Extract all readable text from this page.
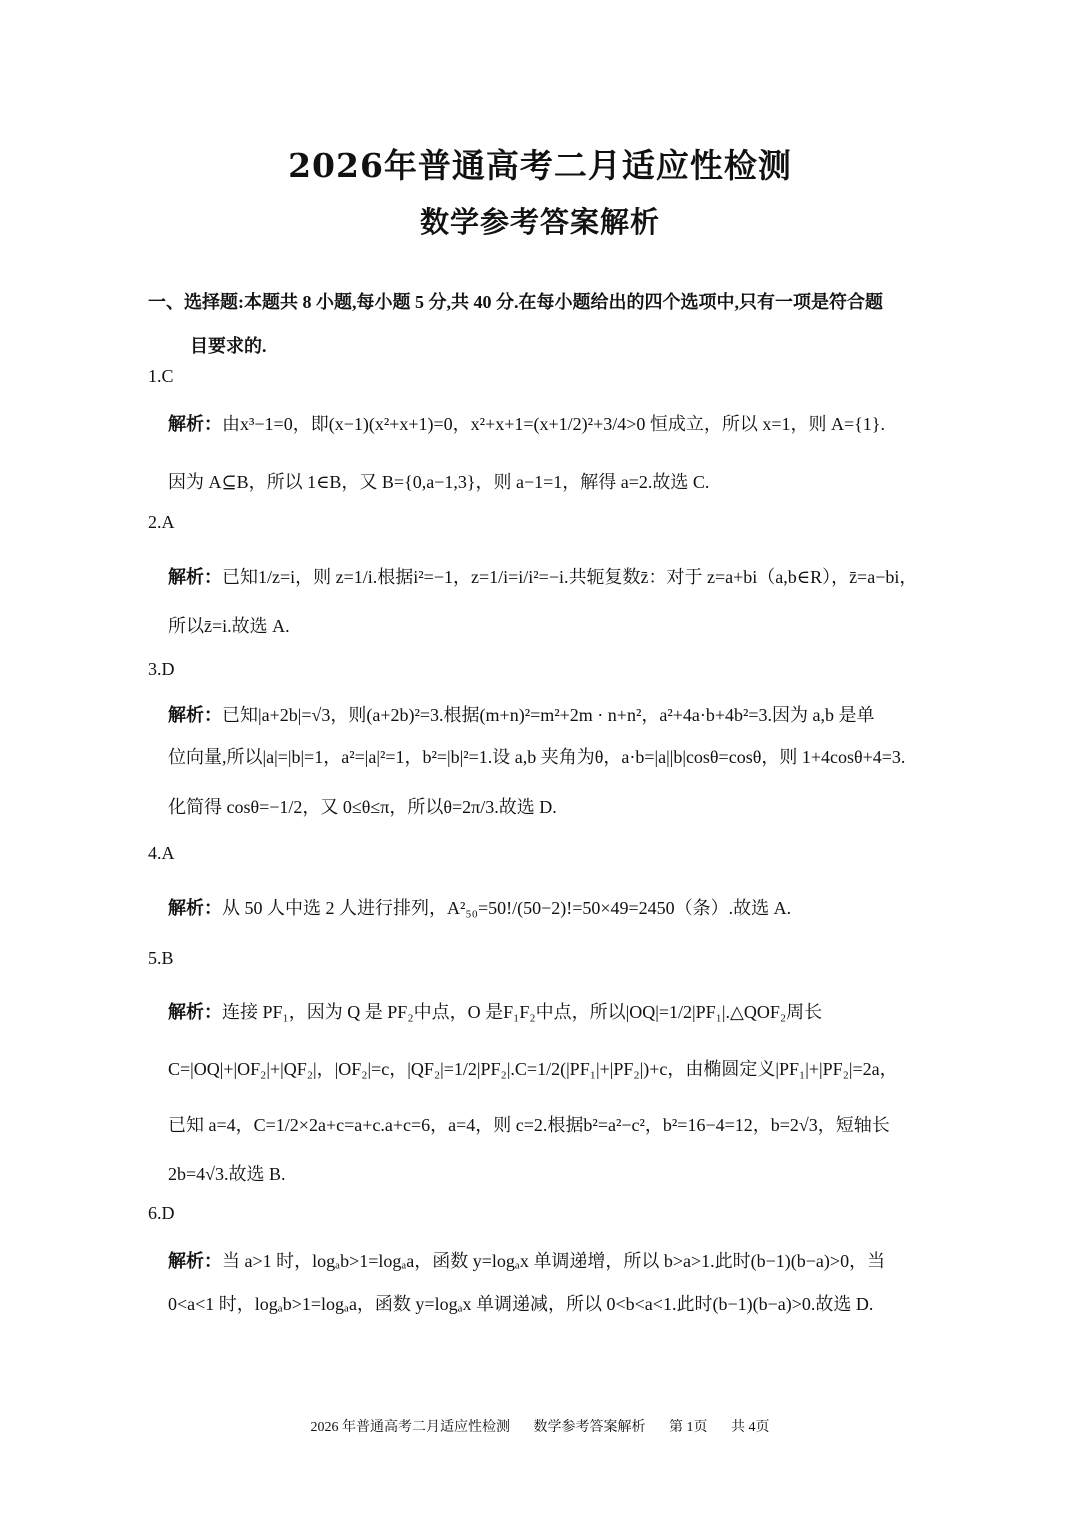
2026年普通高考二月适应性检测
数学参考答案解析
一、选择题:本题共 8 小题,每小题 5 分,共 40 分.在每小题给出的四个选项中,只有一项是符合题
目要求的.
1.C
解析：由x³−1=0，即(x−1)(x²+x+1)=0，x²+x+1=(x+1/2)²+3/4>0 恒成立，所以 x=1，则 A={1}.
因为 A⊆B，所以 1∈B，又 B={0,a−1,3}，则 a−1=1，解得 a=2.故选 C.
2.A
解析：已知1/z=i，则 z=1/i.根据i²=−1，z=1/i=i/i²=−i.共轭复数z̄：对于 z=a+bi（a,b∈R），z̄=a−bi，
所以z̄=i.故选 A.
3.D
解析：已知|a+2b|=√3，则(a+2b)²=3.根据(m+n)²=m²+2m · n+n²，a²+4a·b+4b²=3.因为 a,b 是单
位向量,所以|a|=|b|=1，a²=|a|²=1，b²=|b|²=1.设 a,b 夹角为θ，a·b=|a||b|cosθ=cosθ，则 1+4cosθ+4=3.
化简得 cosθ=−1/2，又 0≤θ≤π，所以θ=2π/3.故选 D.
4.A
解析：从 50 人中选 2 人进行排列，A²₅₀=50!/(50−2)!=50×49=2450（条）.故选 A.
5.B
解析：连接 PF₁，因为 Q 是 PF₂中点，O 是F₁F₂中点，所以|OQ|=1/2|PF₁|.△QOF₂周长
C=|OQ|+|OF₂|+|QF₂|，|OF₂|=c，|QF₂|=1/2|PF₂|.C=1/2(|PF₁|+|PF₂|)+c，由椭圆定义|PF₁|+|PF₂|=2a，
已知 a=4，C=1/2×2a+c=a+c.a+c=6，a=4，则 c=2.根据b²=a²−c²，b²=16−4=12，b=2√3，短轴长
2b=4√3.故选 B.
6.D
解析：当 a>1 时，logₐb>1=logₐa，函数 y=logₐx 单调递增，所以 b>a>1.此时(b−1)(b−a)>0，当
0<a<1 时，logₐb>1=logₐa，函数 y=logₐx 单调递减，所以 0<b<a<1.此时(b−1)(b−a)>0.故选 D.
2026 年普通高考二月适应性检测 数学参考答案解析 第 1页 共 4页
